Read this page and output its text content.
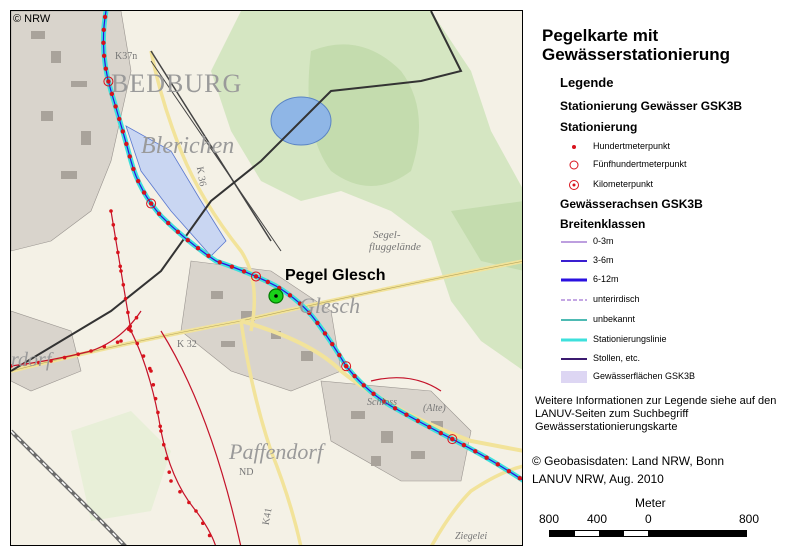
© NRW
BEDBURG
Blerichen
Glesch
Paffendorf
Segel-
fluggelände
K37n
K 32
K 36
K41
Schloss
(Alte)
ND
Ziegelei
rdorf
Pegel Glesch
Pegelkarte mit
Gewässerstationierung
Legende
Stationierung Gewässer GSK3B
Stationierung
Hundertmeterpunkt
Fünfhundertmeterpunkt
Kilometerpunkt
Gewässerachsen GSK3B
Breitenklassen
0-3m
3-6m
6-12m
unterirdisch
unbekannt
Stationierungslinie
Stollen, etc.
Gewässerflächen GSK3B
Weitere Informationen zur Legende siehe auf den LANUV-Seiten zum Suchbegriff Gewässerstationierungskarte
© Geobasisdaten: Land NRW, Bonn
LANUV NRW, Aug. 2010
Meter
800 400	0	800
